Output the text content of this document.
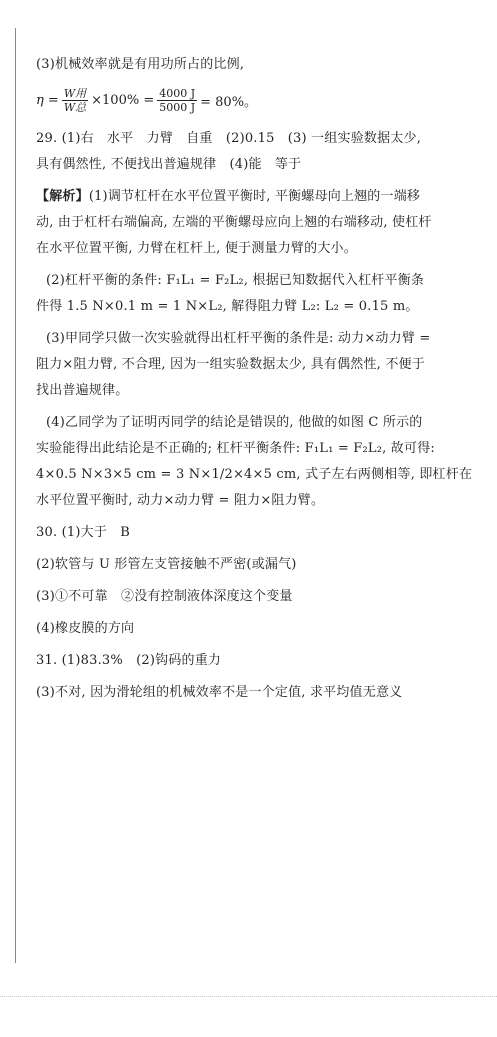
(3)机械效率就是有用功所占的比例,
$\eta = \frac{\text{W用}}{\text{W总}} \times 100\% = \frac{4000 J}{5000 J} = 80\%$。
29. (1)右　水平　力臂　自重　(2)0.15　(3) 一组实验数据太少,
具有偶然性, 不便找出普遍规律　(4)能　等于
【解析】(1)调节杠杆在水平位置平衡时, 平衡螺母向上翘的一端移
动, 由于杠杆右端偏高, 左端的平衡螺母应向上翘的右端移动, 使杠杆
在水平位置平衡, 力臂在杠杆上, 便于测量力臂的大小。
(2)杠杆平衡的条件: F₁L₁ = F₂L₂, 根据已知数据代入杠杆平衡条
件得 1.5 N×0.1 m = 1 N×L₂, 解得阻力臂 L₂: L₂ = 0.15 m。
(3)甲同学只做一次实验就得出杠杆平衡的条件是: 动力×动力臂 =
阻力×阻力臂, 不合理, 因为一组实验数据太少, 具有偶然性, 不便于
找出普遍规律。
(4)乙同学为了证明丙同学的结论是错误的, 他做的如图 C 所示的
实验能得出此结论是不正确的; 杠杆平衡条件: F₁L₁ = F₂L₂, 故可得:
4×0.5 N×3×5 cm = 3 N×1/2×4×5 cm, 式子左右两侧相等, 即杠杆在
水平位置平衡时, 动力×动力臂 = 阻力×阻力臂。
30. (1)大于　B
(2)软管与 U 形管左支管接触不严密(或漏气)
(3)①不可靠　②没有控制液体深度这个变量
(4)橡皮膜的方向
31. (1)83.3%　(2)钩码的重力
(3)不对, 因为滑轮组的机械效率不是一个定值, 求平均值无意义
